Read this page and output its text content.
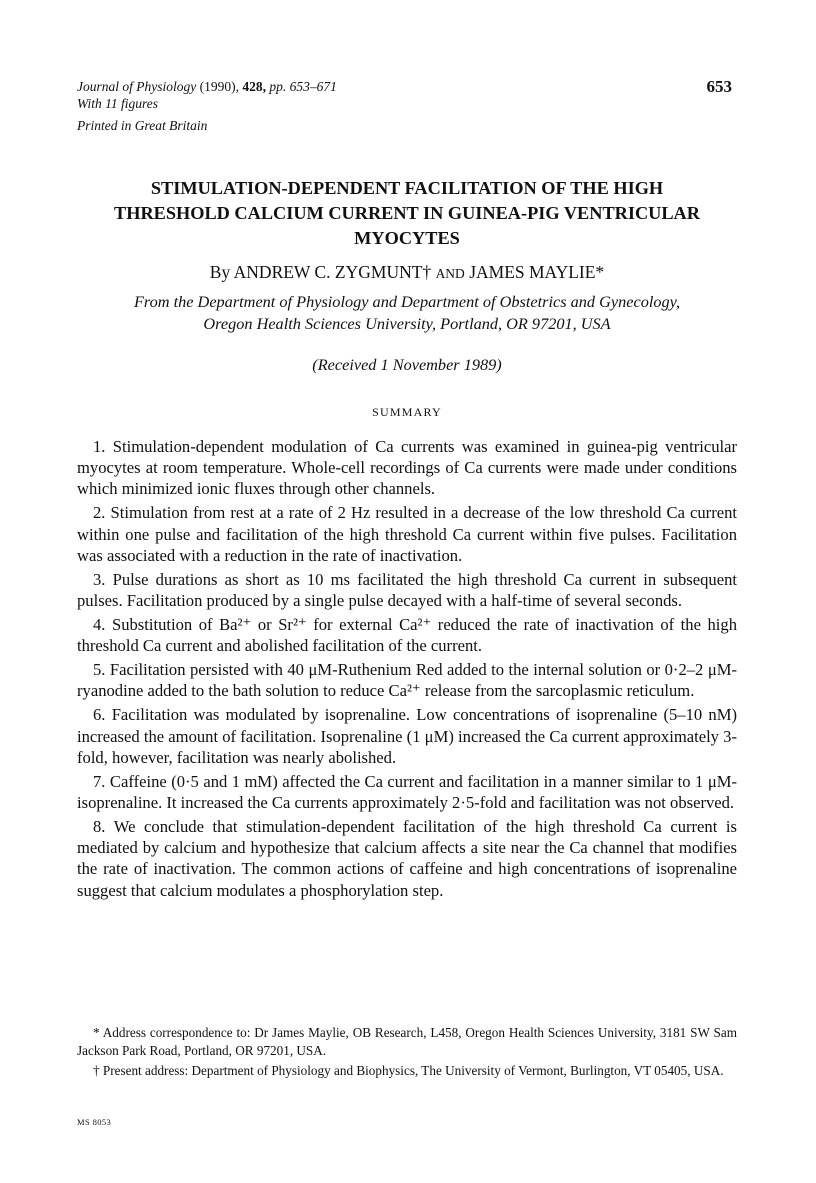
Journal of Physiology (1990), 428, pp. 653–671
With 11 figures
Printed in Great Britain
653
STIMULATION-DEPENDENT FACILITATION OF THE HIGH
THRESHOLD CALCIUM CURRENT IN GUINEA-PIG VENTRICULAR
MYOCYTES
By ANDREW C. ZYGMUNT† AND JAMES MAYLIE*
From the Department of Physiology and Department of Obstetrics and Gynecology,
Oregon Health Sciences University, Portland, OR 97201, USA
(Received 1 November 1989)
SUMMARY

1. Stimulation-dependent modulation of Ca currents was examined in guinea-pig ventricular myocytes at room temperature. Whole-cell recordings of Ca currents were made under conditions which minimized ionic fluxes through other channels.

2. Stimulation from rest at a rate of 2 Hz resulted in a decrease of the low threshold Ca current within one pulse and facilitation of the high threshold Ca current within five pulses. Facilitation was associated with a reduction in the rate of inactivation.

3. Pulse durations as short as 10 ms facilitated the high threshold Ca current in subsequent pulses. Facilitation produced by a single pulse decayed with a half-time of several seconds.

4. Substitution of Ba²⁺ or Sr²⁺ for external Ca²⁺ reduced the rate of inactivation of the high threshold Ca current and abolished facilitation of the current.

5. Facilitation persisted with 40 μM-Ruthenium Red added to the internal solution or 0·2–2 μM-ryanodine added to the bath solution to reduce Ca²⁺ release from the sarcoplasmic reticulum.

6. Facilitation was modulated by isoprenaline. Low concentrations of isoprenaline (5–10 nM) increased the amount of facilitation. Isoprenaline (1 μM) increased the Ca current approximately 3-fold, however, facilitation was nearly abolished.

7. Caffeine (0·5 and 1 mM) affected the Ca current and facilitation in a manner similar to 1 μM-isoprenaline. It increased the Ca currents approximately 2·5-fold and facilitation was not observed.

8. We conclude that stimulation-dependent facilitation of the high threshold Ca current is mediated by calcium and hypothesize that calcium affects a site near the Ca channel that modifies the rate of inactivation. The common actions of caffeine and high concentrations of isoprenaline suggest that calcium modulates a phosphorylation step.

* Address correspondence to: Dr James Maylie, OB Research, L458, Oregon Health Sciences University, 3181 SW Sam Jackson Park Road, Portland, OR 97201, USA.

† Present address: Department of Physiology and Biophysics, The University of Vermont, Burlington, VT 05405, USA.

MS 8053
